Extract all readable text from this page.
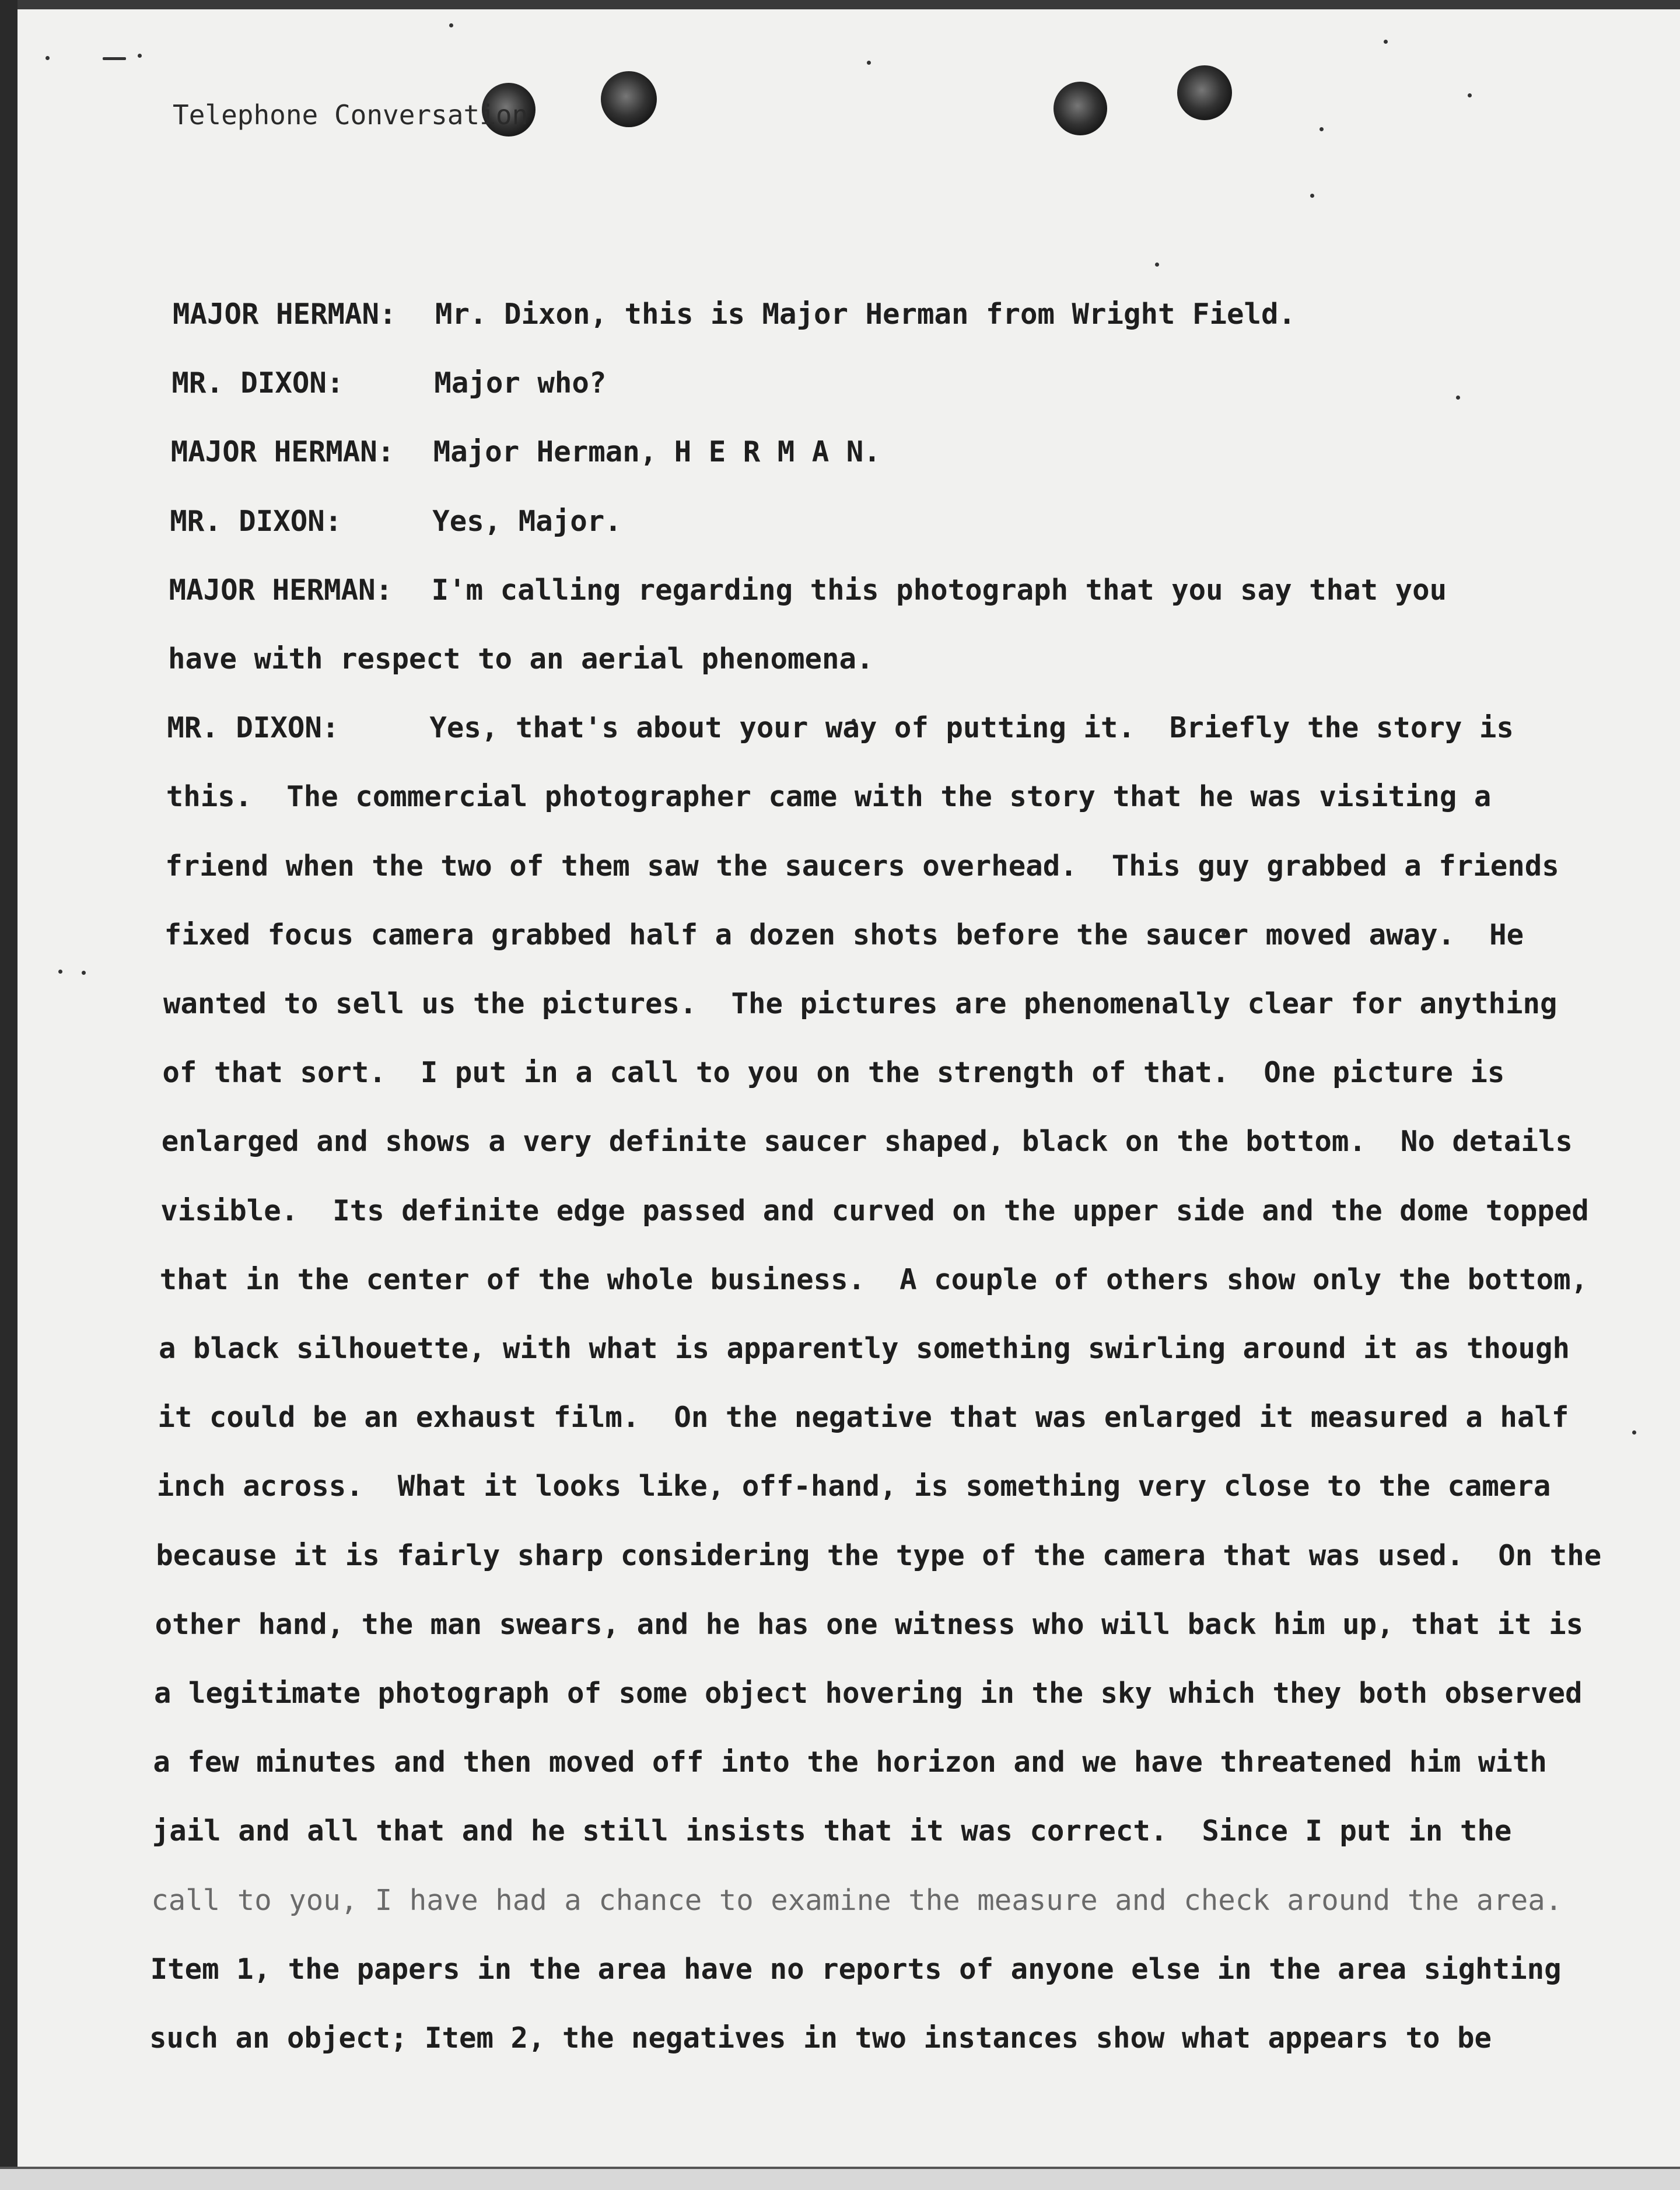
Telephone Conversation
MAJOR HERMAN: Mr. Dixon, this is Major Herman from Wright Field.
MR. DIXON:	Major who?
MAJOR HERMAN: Major Herman, H E R M A N.
MR. DIXON:	Yes, Major.
MAJOR HERMAN: I'm calling regarding this photograph that you say that you
have with respect to an aerial phenomena.
MR. DIXON:	Yes, that's about your way of putting it.  Briefly the story is
this.  The commercial photographer came with the story that he was visiting a
friend when the two of them saw the saucers overhead.  This guy grabbed a friends
fixed focus camera grabbed half a dozen shots before the saucer moved away.  He
wanted to sell us the pictures.  The pictures are phenomenally clear for anything
of that sort.  I put in a call to you on the strength of that.  One picture is
enlarged and shows a very definite saucer shaped, black on the bottom.  No details
visible.  Its definite edge passed and curved on the upper side and the dome topped
that in the center of the whole business.  A couple of others show only the bottom,
a black silhouette, with what is apparently something swirling around it as though
it could be an exhaust film.  On the negative that was enlarged it measured a half
inch across.  What it looks like, off-hand, is something very close to the camera
because it is fairly sharp considering the type of the camera that was used.  On the
other hand, the man swears, and he has one witness who will back him up, that it is
a legitimate photograph of some object hovering in the sky which they both observed
a few minutes and then moved off into the horizon and we have threatened him with
jail and all that and he still insists that it was correct.  Since I put in the
call to you, I have had a chance to examine the measure and check around the area.
Item 1, the papers in the area have no reports of anyone else in the area sighting
such an object; Item 2, the negatives in two instances show what appears to be
